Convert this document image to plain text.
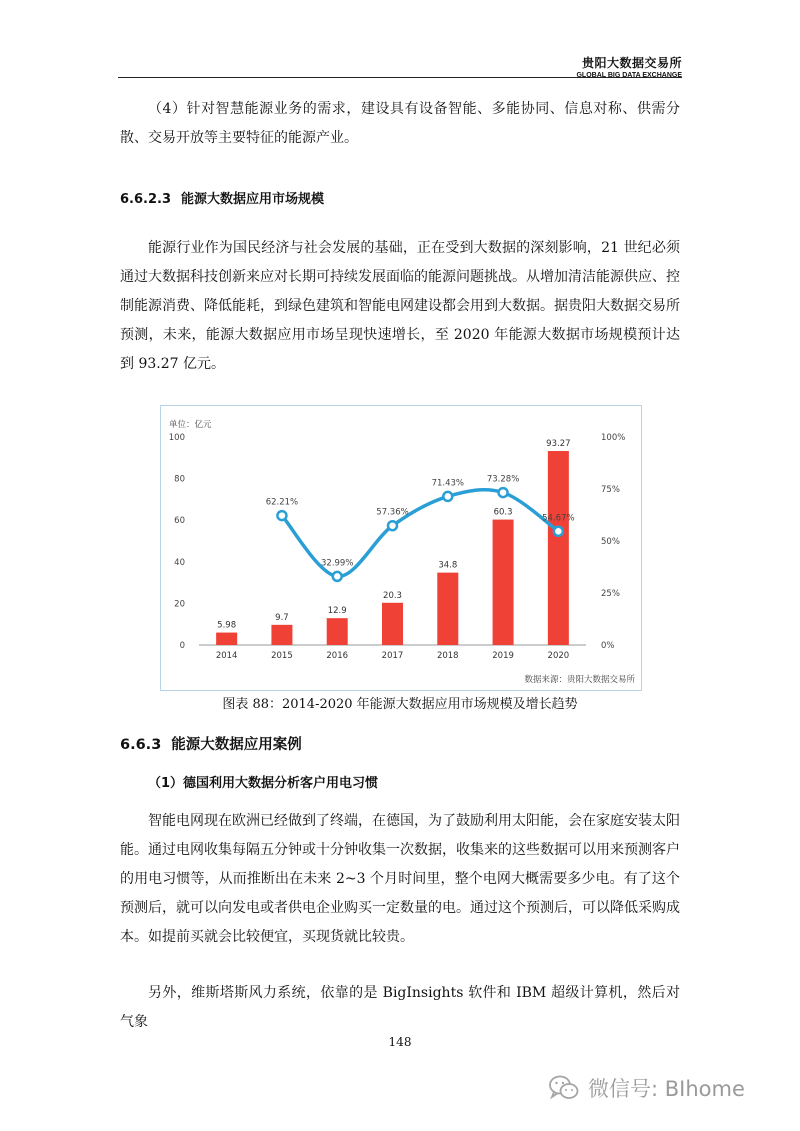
贵阳大数据交易所
GLOBAL BIG DATA EXCHANGE

（4）针对智慧能源业务的需求，建设具有设备智能、多能协同、信息对称、供需分散、交易开放等主要特征的能源产业。

6.6.2.3 能源大数据应用市场规模

能源行业作为国民经济与社会发展的基础，正在受到大数据的深刻影响，21 世纪必须通过大数据科技创新来应对长期可持续发展面临的能源问题挑战。从增加清洁能源供应、控制能源消费、降低能耗，到绿色建筑和智能电网建设都会用到大数据。据贵阳大数据交易所预测，未来，能源大数据应用市场呈现快速增长，至 2020 年能源大数据市场规模预计达到 93.27 亿元。

单位：亿元
0
20
40
60
80
100
0%
25%
50%
75%
100%
5.98
9.7
12.9
20.3
34.8
60.3
93.27
2014	2015	2016	2017	2018	2019	2020
62.21%
32.99%
57.36%
71.43%	73.28%
54.67%
数据来源：贵阳大数据交易所
图表 88：2014-2020 年能源大数据应用市场规模及增长趋势
6.6.3 能源大数据应用案例
（1）德国利用大数据分析客户用电习惯

智能电网现在欧洲已经做到了终端，在德国，为了鼓励利用太阳能，会在家庭安装太阳能。通过电网收集每隔五分钟或十分钟收集一次数据，收集来的这些数据可以用来预测客户的用电习惯等，从而推断出在未来 2~3 个月时间里，整个电网大概需要多少电。有了这个预测后，就可以向发电或者供电企业购买一定数量的电。通过这个预测后，可以降低采购成本。如提前买就会比较便宜，买现货就比较贵。

另外，维斯塔斯风力系统，依靠的是 BigInsights 软件和 IBM 超级计算机，然后对气象

148
微信号: BIhome
